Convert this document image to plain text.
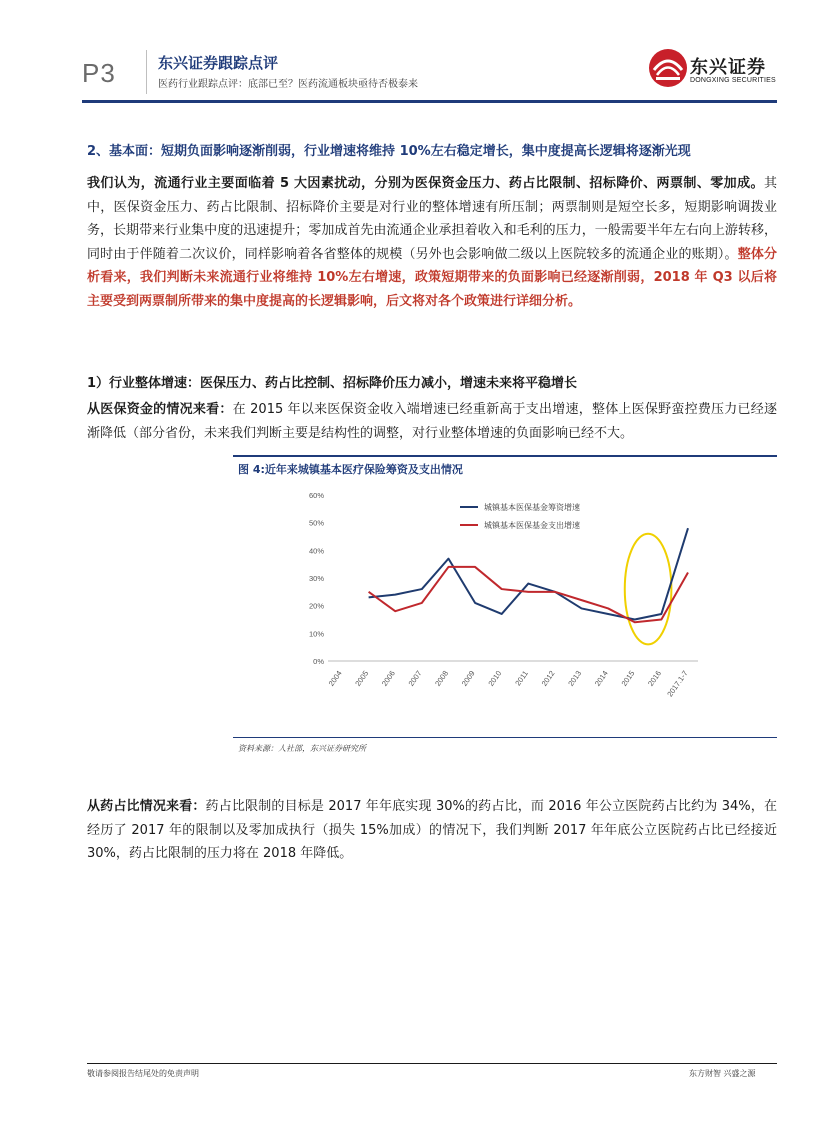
P3	东兴证券跟踪点评
医药行业跟踪点评：底部已至？医药流通板块亟待否极泰来
东兴证券
DONGXING SECURITIES
2、基本面：短期负面影响逐渐削弱，行业增速将维持 10%左右稳定增长，集中度提高长逻辑将逐渐光现
我们认为，流通行业主要面临着 5 大因素扰动，分别为医保资金压力、药占比限制、招标降价、两票制、零加成。其中，医保资金压力、药占比限制、招标降价主要是对行业的整体增速有所压制；两票制则是短空长多，短期影响调拨业务，长期带来行业集中度的迅速提升；零加成首先由流通企业承担着收入和毛利的压力，一般需要半年左右向上游转移，同时由于伴随着二次议价，同样影响着各省整体的规模（另外也会影响做二级以上医院较多的流通企业的账期）。整体分析看来，我们判断未来流通行业将维持 10%左右增速，政策短期带来的负面影响已经逐渐削弱，2018 年 Q3 以后将主要受到两票制所带来的集中度提高的长逻辑影响，后文将对各个政策进行详细分析。
1）行业整体增速：医保压力、药占比控制、招标降价压力减小，增速未来将平稳增长
从医保资金的情况来看：在 2015 年以来医保资金收入端增速已经重新高于支出增速，整体上医保野蛮控费压力已经逐渐降低（部分省份，未来我们判断主要是结构性的调整，对行业整体增速的负面影响已经不大。
图 4:近年来城镇基本医疗保险筹资及支出情况
0%
10%
20%
30%
40%
50%
60%
2004 2005 2006 2007 2008 2009 2010 2011 2012 2013 2014 2015 2016 2017.1-7
城镇基本医保基金筹资增速
城镇基本医保基金支出增速
资料来源：人社部，东兴证券研究所
从药占比情况来看：药占比限制的目标是 2017 年年底实现 30%的药占比，而 2016 年公立医院药占比约为 34%，在经历了 2017 年的限制以及零加成执行（损失 15%加成）的情况下，我们判断 2017 年年底公立医院药占比已经接近 30%，药占比限制的压力将在 2018 年降低。
敬请参阅报告结尾处的免责声明	东方财智 兴盛之源
